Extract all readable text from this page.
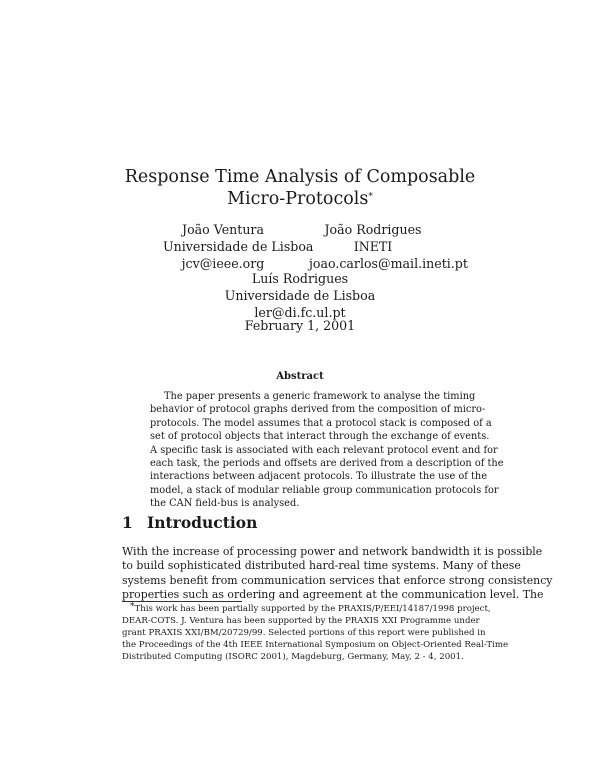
Response Time Analysis of Composable
Micro-Protocols*
João Ventura
Universidade de Lisboa
jcv@ieee.org
João Rodrigues
INETI
joao.carlos@mail.ineti.pt
Luís Rodrigues
Universidade de Lisboa
ler@di.fc.ul.pt
February 1, 2001
Abstract
The paper presents a generic framework to analyse the timing
behavior of protocol graphs derived from the composition of micro-
protocols. The model assumes that a protocol stack is composed of a
set of protocol objects that interact through the exchange of events.
A specific task is associated with each relevant protocol event and for
each task, the periods and offsets are derived from a description of the
interactions between adjacent protocols. To illustrate the use of the
model, a stack of modular reliable group communication protocols for
the CAN field-bus is analysed.
1 Introduction
With the increase of processing power and network bandwidth it is possible
to build sophisticated distributed hard-real time systems. Many of these
systems benefit from communication services that enforce strong consistency
properties such as ordering and agreement at the communication level. The
*This work has been partially supported by the PRAXIS/P/EEI/14187/1998 project,
DEAR-COTS. J. Ventura has been supported by the PRAXIS XXI Programme under
grant PRAXIS XXI/BM/20729/99. Selected portions of this report were published in
the Proceedings of the 4th IEEE International Symposium on Object-Oriented Real-Time
Distributed Computing (ISORC 2001), Magdeburg, Germany, May, 2 - 4, 2001.
